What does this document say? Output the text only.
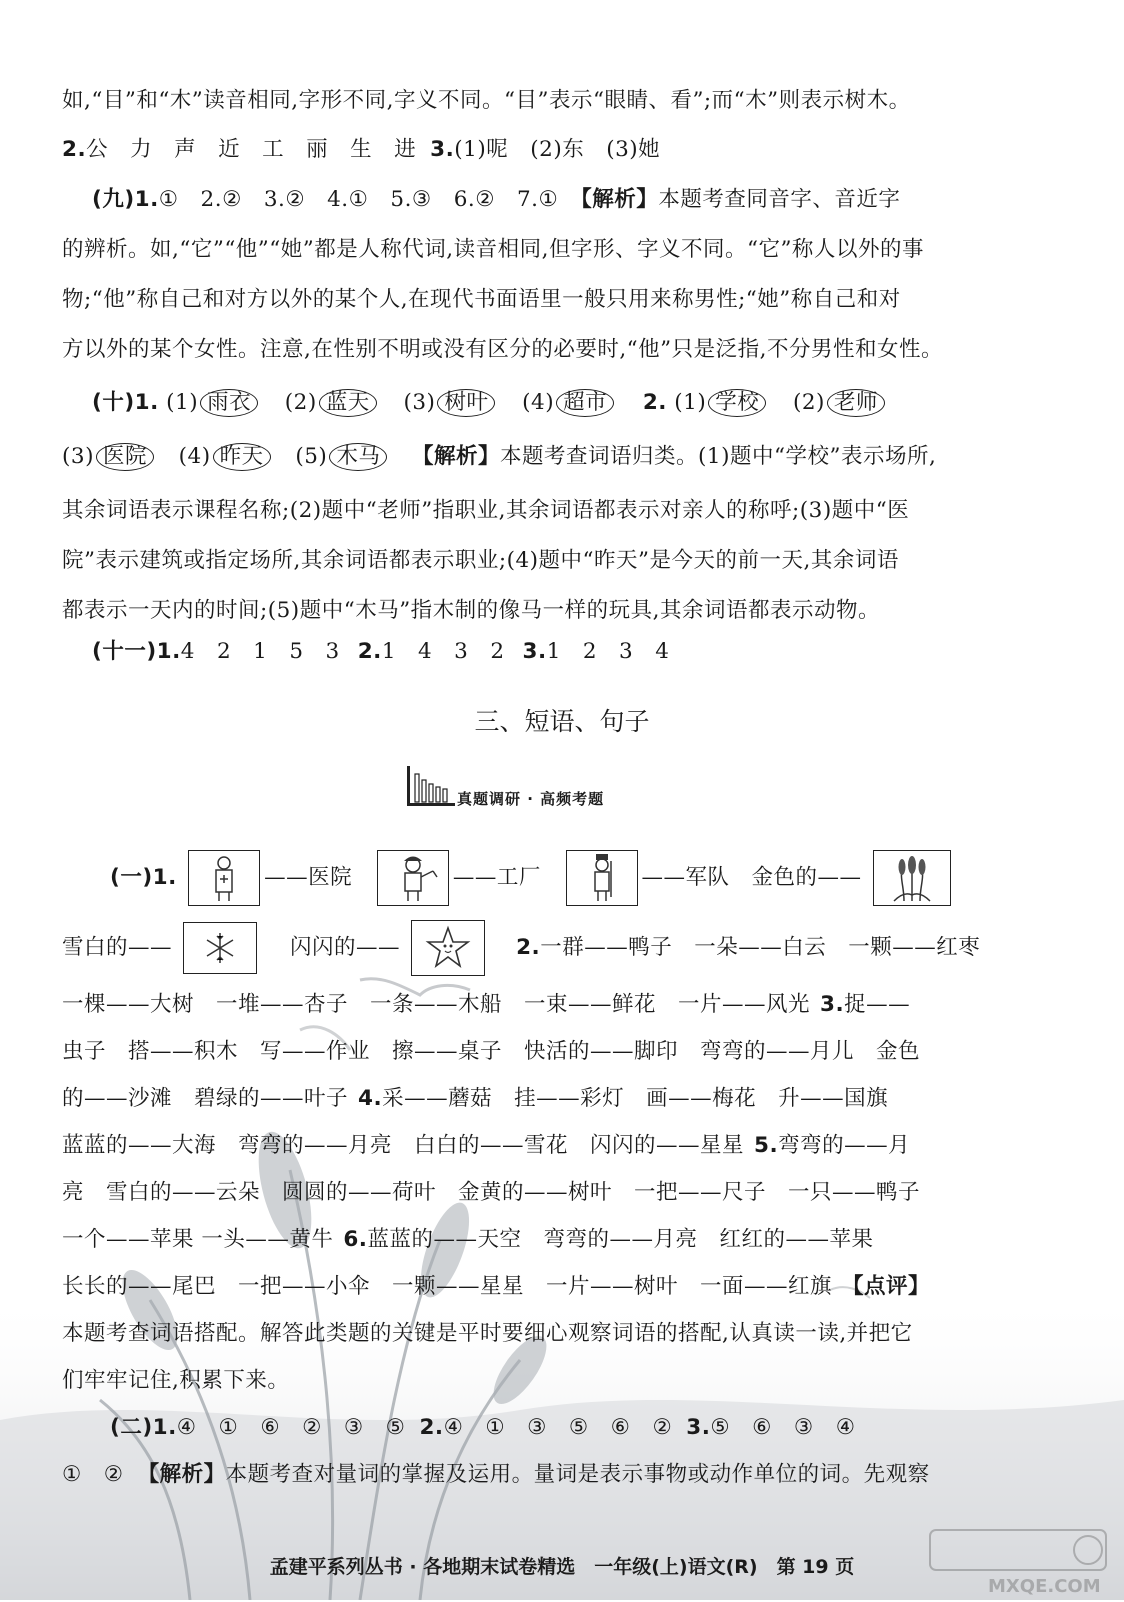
如,“目”和“木”读音相同,字形不同,字义不同。“目”表示“眼睛、看”;而“木”则表示树木。
2.公　力　声　近　工　丽　生　进 3.(1)呢　(2)东　(3)她
(九)1.①　2.②　3.②　4.①　5.③　6.②　7.① 【解析】本题考查同音字、音近字
的辨析。如,“它”“他”“她”都是人称代词,读音相同,但字形、字义不同。“它”称人以外的事
物;“他”称自己和对方以外的某个人,在现代书面语里一般只用来称男性;“她”称自己和对
方以外的某个女性。注意,在性别不明或没有区分的必要时,“他”只是泛指,不分男性和女性。
(十)1. (1) 雨衣 (2) 蓝天 (3) 树叶 (4) 超市 2. (1) 学校 (2) 老师
(3) 医院 (4) 昨天 (5) 木马 【解析】本题考查词语归类。(1)题中“学校”表示场所,
其余词语表示课程名称;(2)题中“老师”指职业,其余词语都表示对亲人的称呼;(3)题中“医
院”表示建筑或指定场所,其余词语都表示职业;(4)题中“昨天”是今天的前一天,其余词语
都表示一天内的时间;(5)题中“木马”指木制的像马一样的玩具,其余词语都表示动物。
(十一)1.4　2　1　5　3 2.1　4　3　2 3.1　2　3　4
三、短语、句子
真题调研 · 高频考题
(一)1.	——医院	——工厂	——军队　金色的——
雪白的——	闪闪的——	2.一群——鸭子　一朵——白云　一颗——红枣
一棵——大树　一堆——杏子　一条——木船　一束——鲜花　一片——风光 3.捉——
虫子　搭——积木　写——作业　擦——桌子　快活的——脚印　弯弯的——月儿　金色
的——沙滩　碧绿的——叶子 4.采——蘑菇　挂——彩灯　画——梅花　升——国旗
蓝蓝的——大海　弯弯的——月亮　白白的——雪花　闪闪的——星星 5.弯弯的——月
亮　雪白的——云朵　圆圆的——荷叶　金黄的——树叶　一把——尺子　一只——鸭子
一个——苹果 一头——黄牛 6.蓝蓝的——天空　弯弯的——月亮　红红的——苹果
长长的——尾巴　一把——小伞　一颗——星星　一片——树叶　一面——红旗 【点评】
本题考查词语搭配。解答此类题的关键是平时要细心观察词语的搭配,认真读一读,并把它
们牢牢记住,积累下来。
(二)1.④　①　⑥　②　③　⑤ 2.④　①　③　⑤　⑥　② 3.⑤　⑥　③　④
①　② 【解析】本题考查对量词的掌握及运用。量词是表示事物或动作单位的词。先观察
孟建平系列丛书 · 各地期末试卷精选　一年级(上)语文(R)　第 19 页
MXQE.COM
